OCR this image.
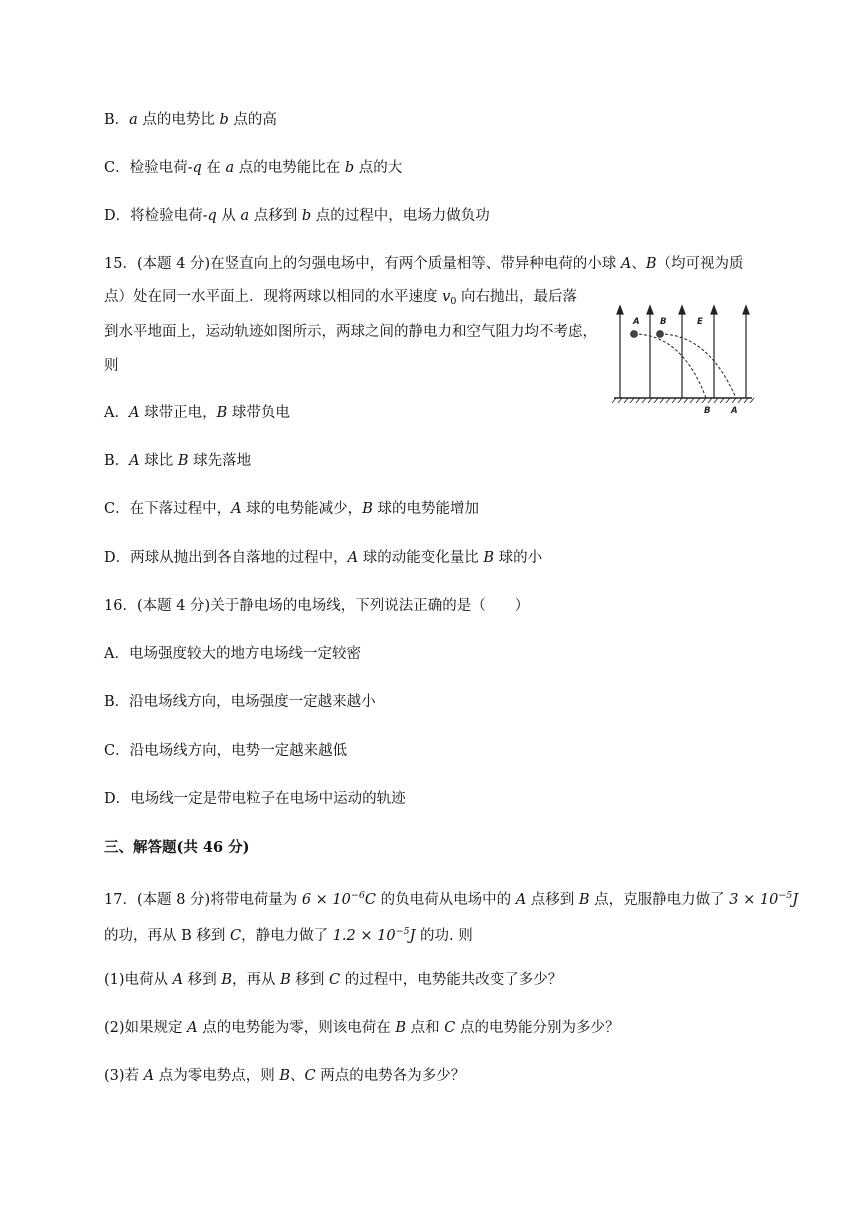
B．a 点的电势比 b 点的高
C．检验电荷-q 在 a 点的电势能比在 b 点的大
D．将检验电荷-q 从 a 点移到 b 点的过程中，电场力做负功
15．(本题 4 分)在竖直向上的匀强电场中，有两个质量相等、带异种电荷的小球 A、B（均可视为质
点）处在同一水平面上．现将两球以相同的水平速度 $v_0$ 向右抛出，最后落
到水平地面上，运动轨迹如图所示，两球之间的静电力和空气阻力均不考虑，
则
A B	E
B A
A．A 球带正电，B 球带负电
B．A 球比 B 球先落地
C．在下落过程中，A 球的电势能减少，B 球的电势能增加
D．两球从抛出到各自落地的过程中，A 球的动能变化量比 B 球的小
16．(本题 4 分)关于静电场的电场线，下列说法正确的是（　　）
A．电场强度较大的地方电场线一定较密
B．沿电场线方向，电场强度一定越来越小
C．沿电场线方向，电势一定越来越低
D．电场线一定是带电粒子在电场中运动的轨迹
三、解答题(共 46 分)
17．(本题 8 分)将带电荷量为 $6 \times 10^{-6}C$ 的负电荷从电场中的 A 点移到 B 点，克服静电力做了 $3 \times 10^{-5}J$
的功，再从 B 移到 C，静电力做了 $1.2 \times 10^{-5}J$ 的功. 则
(1)电荷从 A 移到 B，再从 B 移到 C 的过程中，电势能共改变了多少？
(2)如果规定 A 点的电势能为零，则该电荷在 B 点和 C 点的电势能分别为多少？
(3)若 A 点为零电势点，则 B、C 两点的电势各为多少？
